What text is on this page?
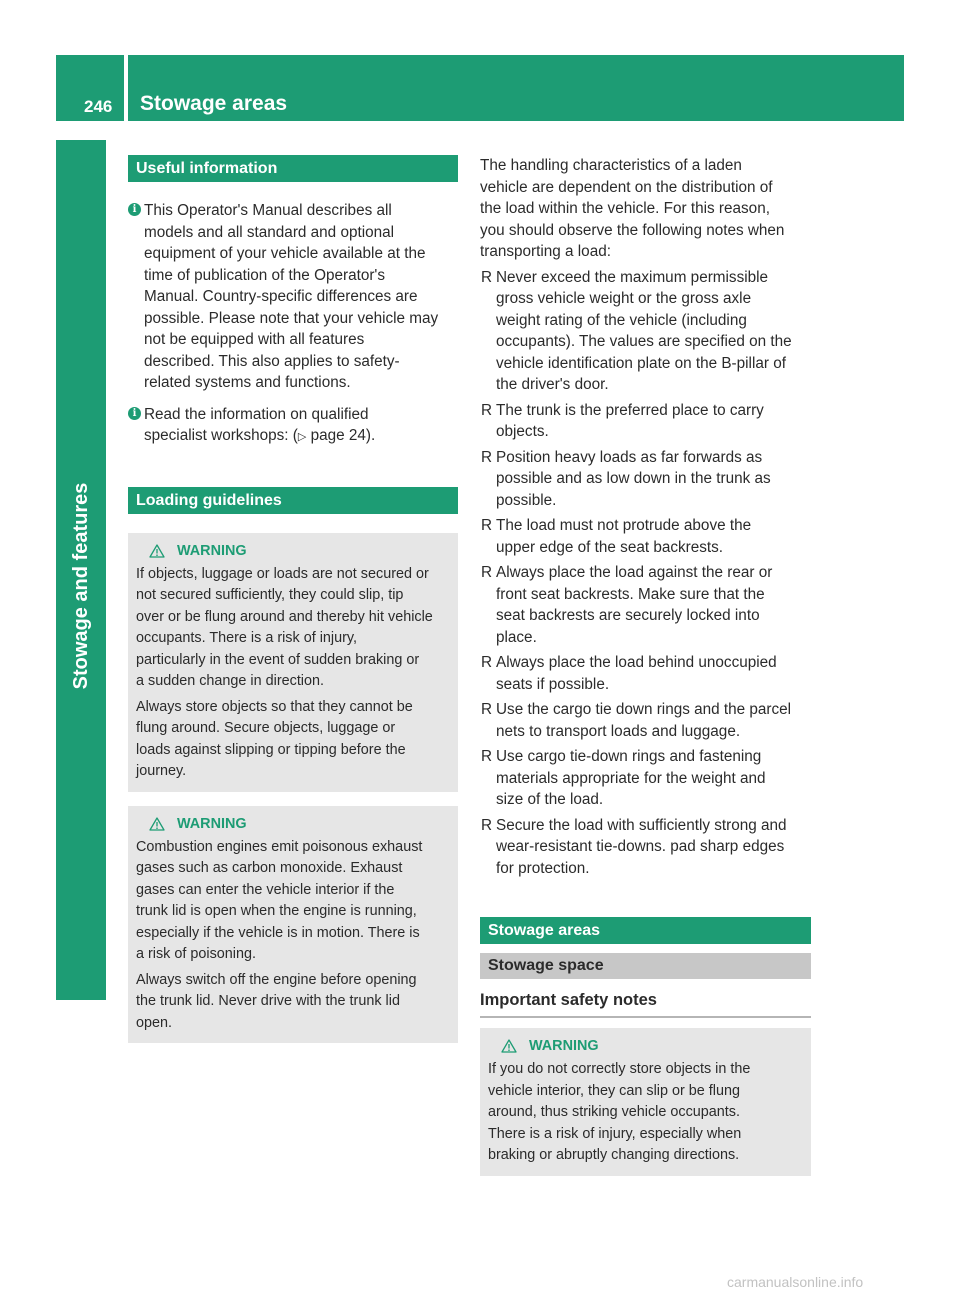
246 Stowage areas
Stowage and features
Useful information
i This Operator's Manual describes all
models and all standard and optional
equipment of your vehicle available at the
time of publication of the Operator's
Manual. Country-specific differences are
possible. Please note that your vehicle may
not be equipped with all features
described. This also applies to safety-
related systems and functions.
i Read the information on qualified
specialist workshops: (▷ page 24).
Loading guidelines
WARNING
If objects, luggage or loads are not secured or
not secured sufficiently, they could slip, tip
over or be flung around and thereby hit vehicle
occupants. There is a risk of injury,
particularly in the event of sudden braking or
a sudden change in direction.
Always store objects so that they cannot be
flung around. Secure objects, luggage or
loads against slipping or tipping before the
journey.
WARNING
Combustion engines emit poisonous exhaust
gases such as carbon monoxide. Exhaust
gases can enter the vehicle interior if the
trunk lid is open when the engine is running,
especially if the vehicle is in motion. There is
a risk of poisoning.
Always switch off the engine before opening
the trunk lid. Never drive with the trunk lid
open.
The handling characteristics of a laden
vehicle are dependent on the distribution of
the load within the vehicle. For this reason,
you should observe the following notes when
transporting a load:
R Never exceed the maximum permissible
gross vehicle weight or the gross axle
weight rating of the vehicle (including
occupants). The values are specified on the
vehicle identification plate on the B-pillar of
the driver's door.
R The trunk is the preferred place to carry
objects.
R Position heavy loads as far forwards as
possible and as low down in the trunk as
possible.
R The load must not protrude above the
upper edge of the seat backrests.
R Always place the load against the rear or
front seat backrests. Make sure that the
seat backrests are securely locked into
place.
R Always place the load behind unoccupied
seats if possible.
R Use the cargo tie down rings and the parcel
nets to transport loads and luggage.
R Use cargo tie-down rings and fastening
materials appropriate for the weight and
size of the load.
R Secure the load with sufficiently strong and
wear-resistant tie-downs. pad sharp edges
for protection.
Stowage areas
Stowage space
Important safety notes
WARNING
If you do not correctly store objects in the
vehicle interior, they can slip or be flung
around, thus striking vehicle occupants.
There is a risk of injury, especially when
braking or abruptly changing directions.
carmanualsonline.info
